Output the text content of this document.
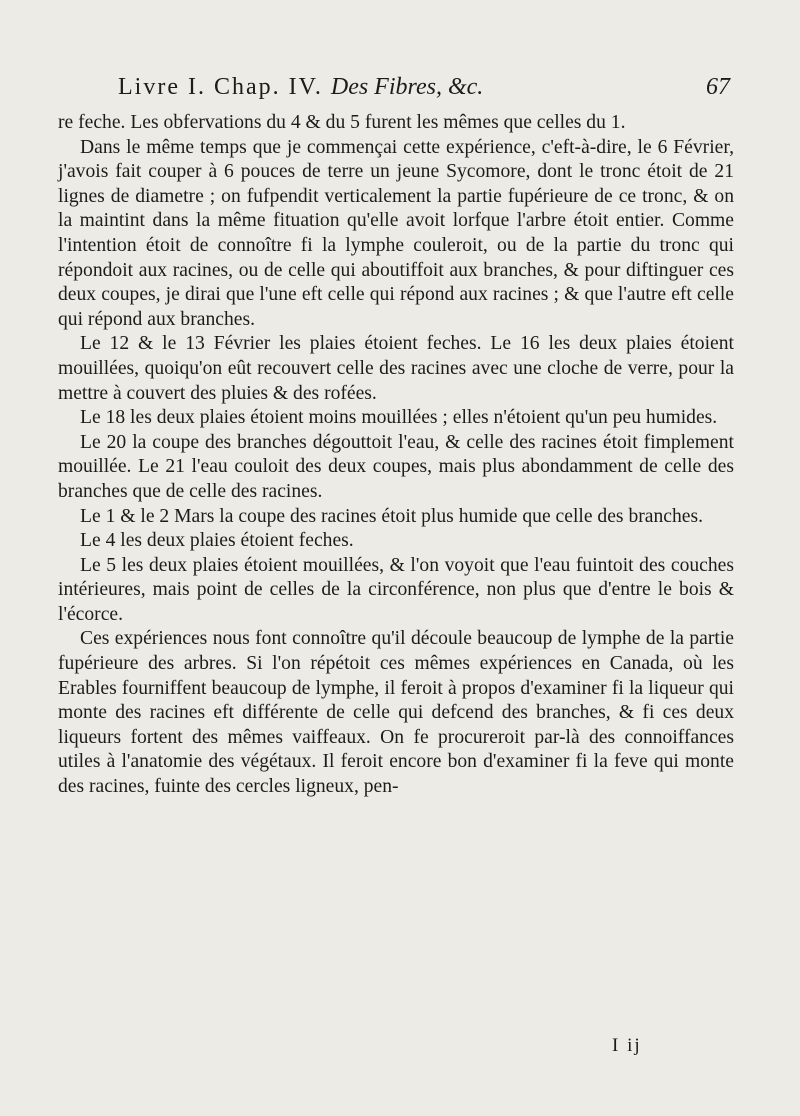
Livre I. Chap. IV. Des Fibres, &c.	67

re feche. Les obfervations du 4 & du 5 furent les mêmes que celles du 1.

Dans le même temps que je commençai cette expérience, c'eft-à-dire, le 6 Février, j'avois fait couper à 6 pouces de terre un jeune Sycomore, dont le tronc étoit de 21 lignes de diametre ; on fufpendit verticalement la partie fupérieure de ce tronc, & on la maintint dans la même fituation qu'elle avoit lorfque l'arbre étoit entier. Comme l'intention étoit de connoître fi la lymphe couleroit, ou de la partie du tronc qui répondoit aux racines, ou de celle qui aboutiffoit aux branches, & pour diftinguer ces deux coupes, je dirai que l'une eft celle qui répond aux racines ; & que l'autre eft celle qui répond aux branches.

Le 12 & le 13 Février les plaies étoient feches. Le 16 les deux plaies étoient mouillées, quoiqu'on eût recouvert celle des racines avec une cloche de verre, pour la mettre à couvert des pluies & des rofées.

Le 18 les deux plaies étoient moins mouillées ; elles n'étoient qu'un peu humides.

Le 20 la coupe des branches dégouttoit l'eau, & celle des racines étoit fimplement mouillée. Le 21 l'eau couloit des deux coupes, mais plus abondamment de celle des branches que de celle des racines.

Le 1 & le 2 Mars la coupe des racines étoit plus humide que celle des branches.

Le 4 les deux plaies étoient feches.

Le 5 les deux plaies étoient mouillées, & l'on voyoit que l'eau fuintoit des couches intérieures, mais point de celles de la circonférence, non plus que d'entre le bois & l'écorce.

Ces expériences nous font connoître qu'il découle beaucoup de lymphe de la partie fupérieure des arbres. Si l'on répétoit ces mêmes expériences en Canada, où les Erables fourniffent beaucoup de lymphe, il feroit à propos d'examiner fi la liqueur qui monte des racines eft différente de celle qui defcend des branches, & fi ces deux liqueurs fortent des mêmes vaiffeaux. On fe procureroit par-là des connoiffances utiles à l'anatomie des végétaux. Il feroit encore bon d'examiner fi la feve qui monte des racines, fuinte des cercles ligneux, pen-

I ij
